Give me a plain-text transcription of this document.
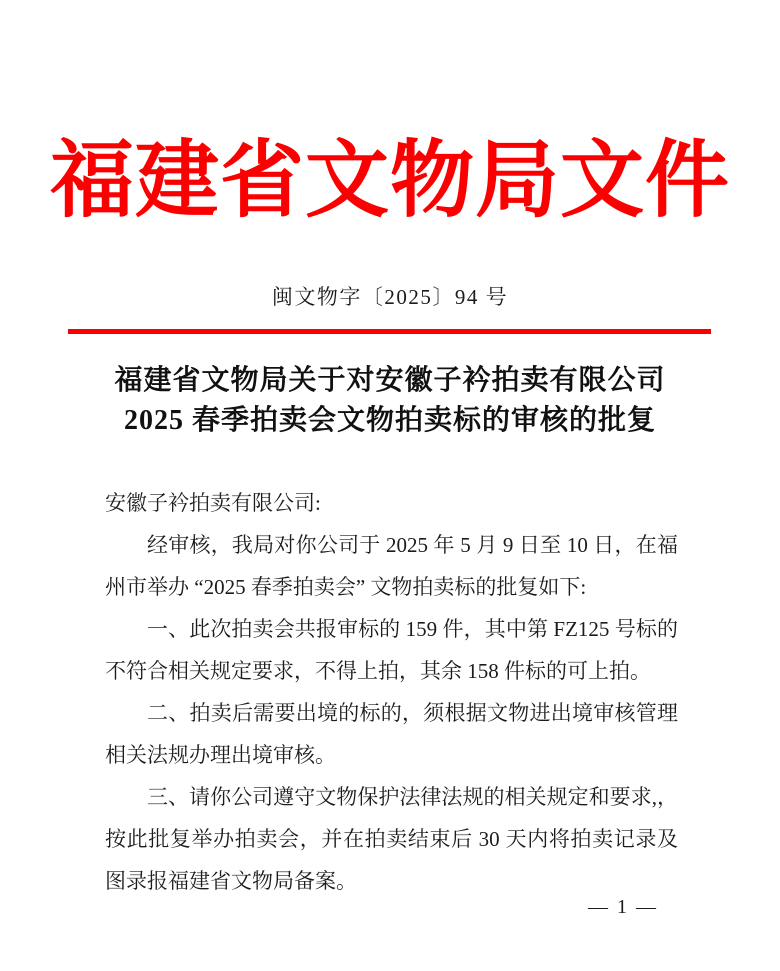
福建省文物局文件
闽文物字〔2025〕94 号
福建省文物局关于对安徽子衿拍卖有限公司
2025 春季拍卖会文物拍卖标的审核的批复
安徽子衿拍卖有限公司:
经审核，我局对你公司于 2025 年 5 月 9 日至 10 日，在福
州市举办 “2025 春季拍卖会” 文物拍卖标的批复如下:
一、此次拍卖会共报审标的 159 件，其中第 FZ125 号标的
不符合相关规定要求，不得上拍，其余 158 件标的可上拍。
二、拍卖后需要出境的标的，须根据文物进出境审核管理
相关法规办理出境审核。
三、请你公司遵守文物保护法律法规的相关规定和要求,，
按此批复举办拍卖会，并在拍卖结束后 30 天内将拍卖记录及
图录报福建省文物局备案。
— 1 —
